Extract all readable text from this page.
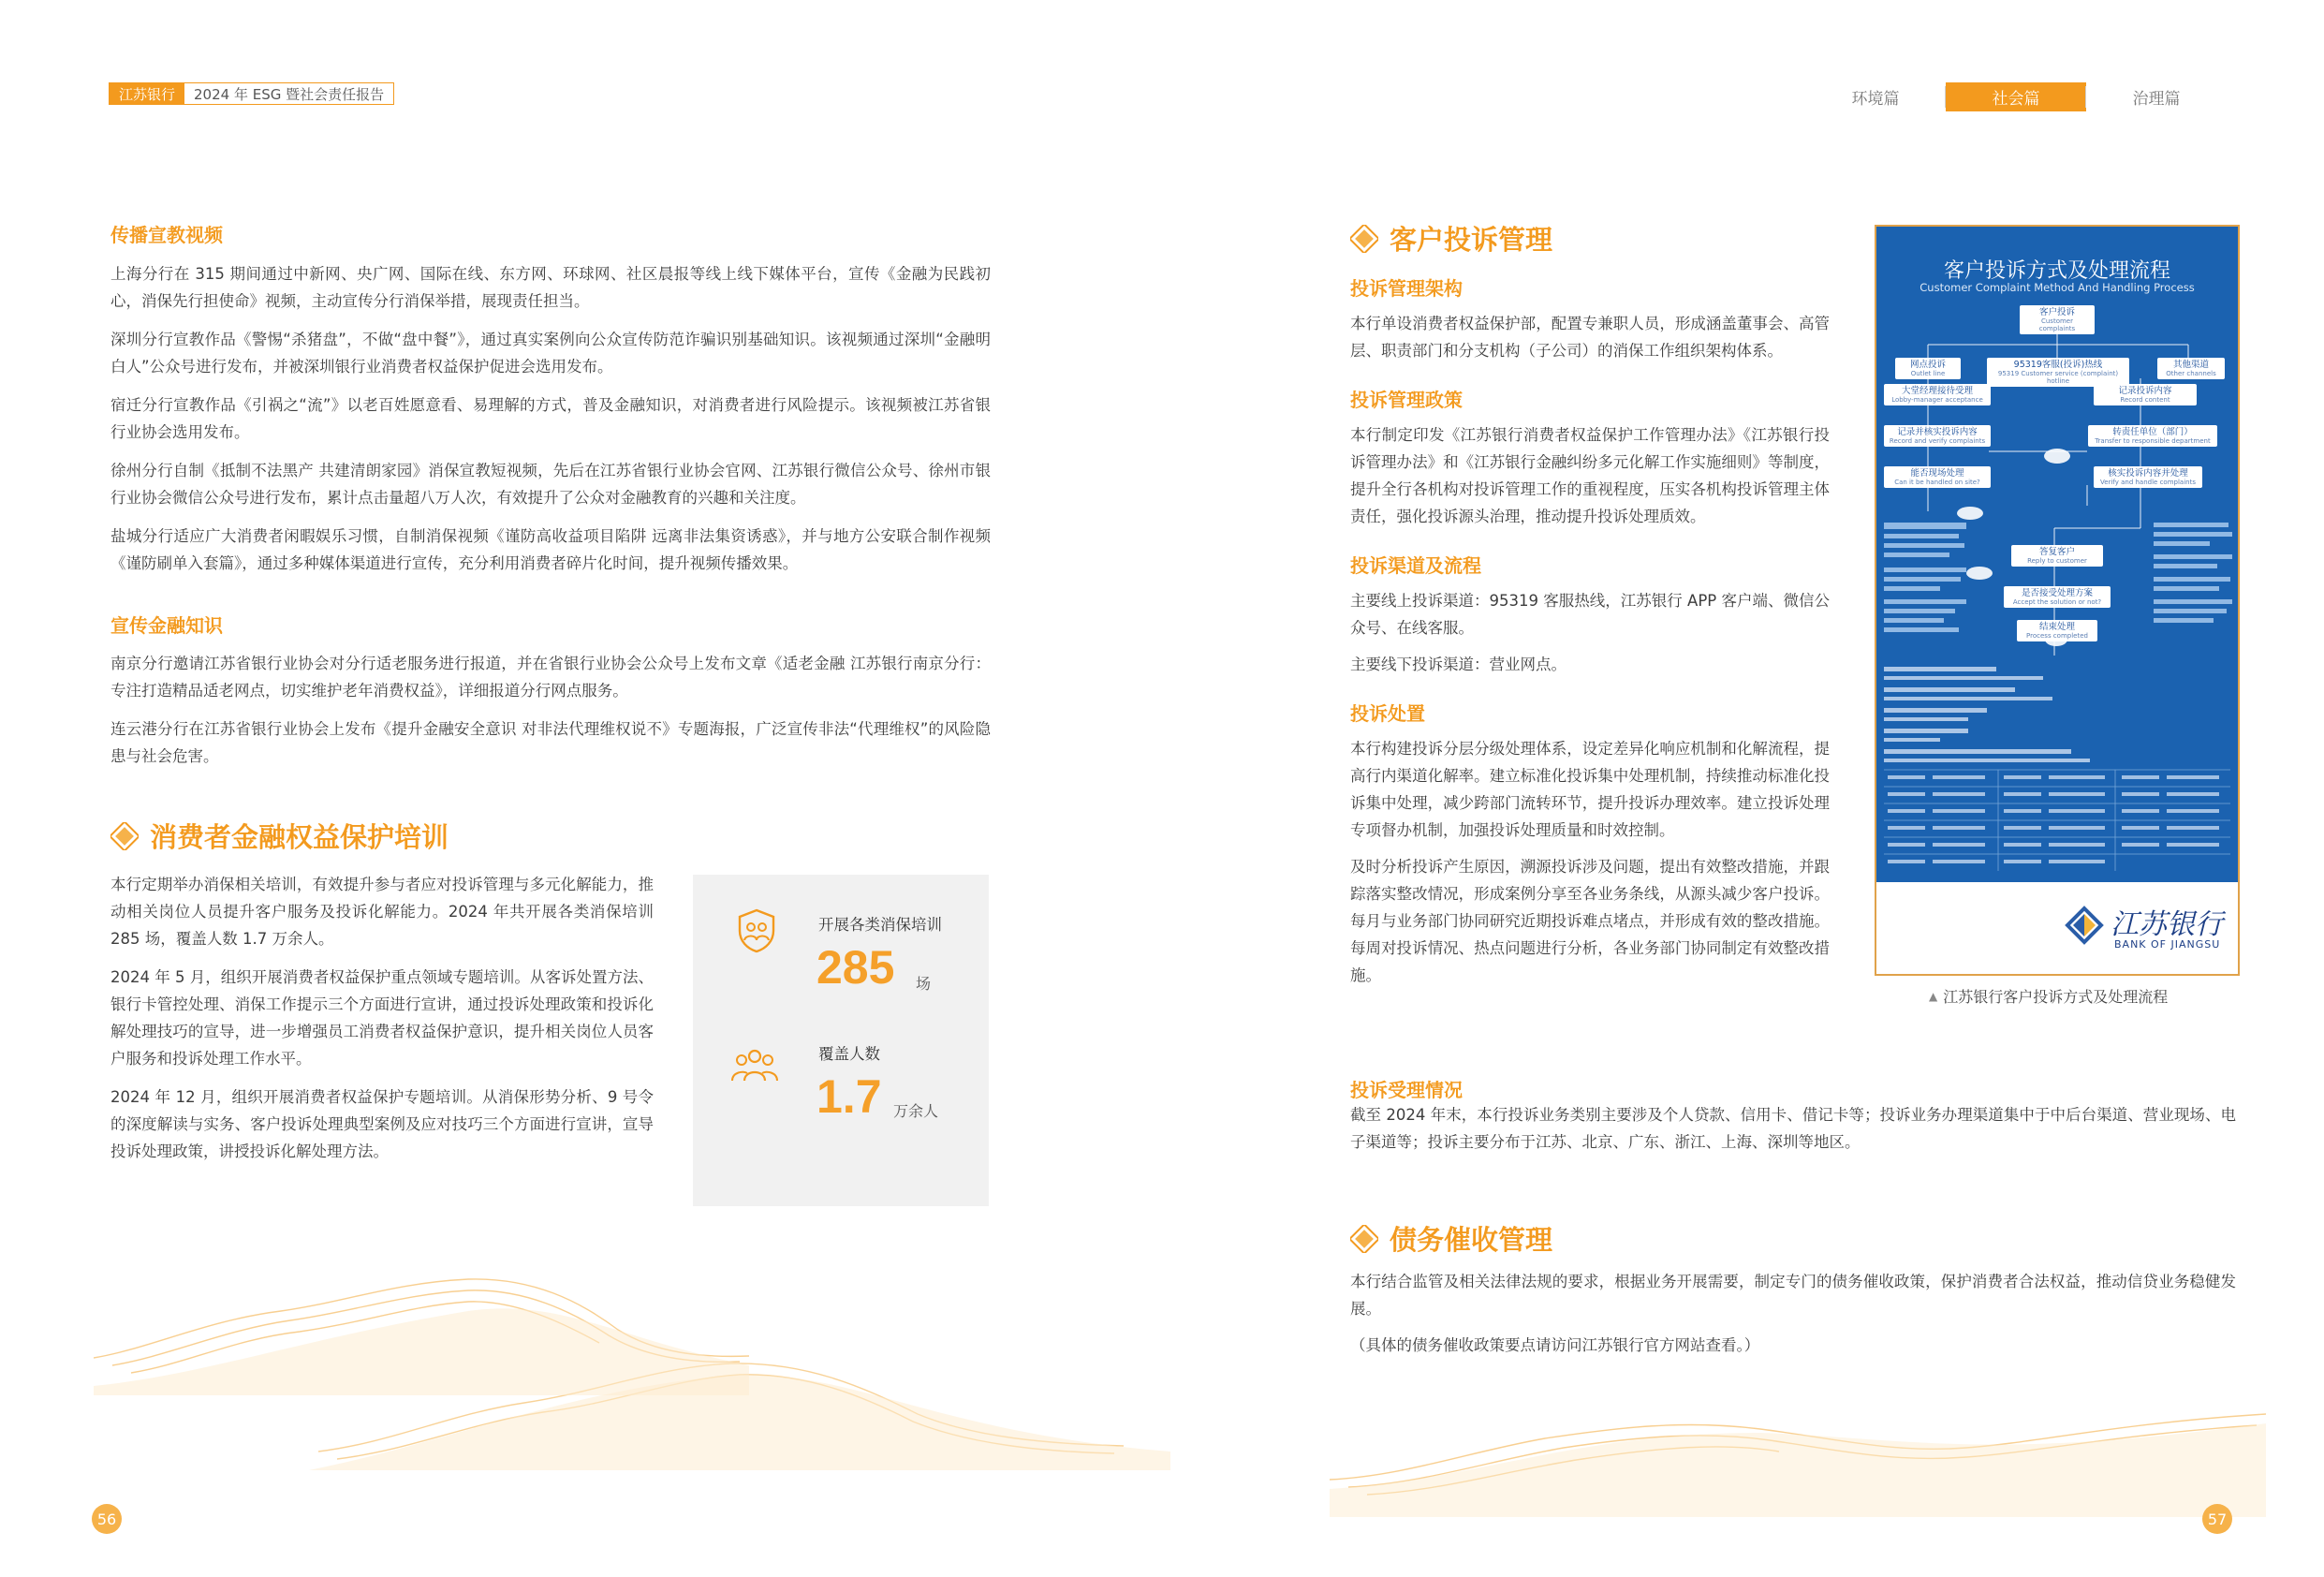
江苏银行	2024 年 ESG 暨社会责任报告	环境篇	社会篇	治理篇
传播宣教视频

上海分行在 315 期间通过中新网、央广网、国际在线、东方网、环球网、社区晨报等线上线下媒体平台，宣传《金融为民践初心，消保先行担使命》视频，主动宣传分行消保举措，展现责任担当。

深圳分行宣教作品《警惕“杀猪盘”，不做“盘中餐”》，通过真实案例向公众宣传防范诈骗识别基础知识。该视频通过深圳“金融明白人”公众号进行发布，并被深圳银行业消费者权益保护促进会选用发布。

宿迁分行宣教作品《引祸之“流”》以老百姓愿意看、易理解的方式，普及金融知识，对消费者进行风险提示。该视频被江苏省银行业协会选用发布。

徐州分行自制《抵制不法黑产 共建清朗家园》消保宣教短视频，先后在江苏省银行业协会官网、江苏银行微信公众号、徐州市银行业协会微信公众号进行发布，累计点击量超八万人次，有效提升了公众对金融教育的兴趣和关注度。

盐城分行适应广大消费者闲暇娱乐习惯，自制消保视频《谨防高收益项目陷阱 远离非法集资诱惑》，并与地方公安联合制作视频《谨防刷单入套篇》，通过多种媒体渠道进行宣传，充分利用消费者碎片化时间，提升视频传播效果。

宣传金融知识

南京分行邀请江苏省银行业协会对分行适老服务进行报道，并在省银行业协会公众号上发布文章《适老金融 江苏银行南京分行：专注打造精品适老网点，切实维护老年消费权益》，详细报道分行网点服务。

连云港分行在江苏省银行业协会上发布《提升金融安全意识 对非法代理维权说不》专题海报，广泛宣传非法“代理维权”的风险隐患与社会危害。

消费者金融权益保护培训

本行定期举办消保相关培训，有效提升参与者应对投诉管理与多元化解能力，推动相关岗位人员提升客户服务及投诉化解能力。2024 年共开展各类消保培训 285 场，覆盖人数 1.7 万余人。

2024 年 5 月，组织开展消费者权益保护重点领域专题培训。从客诉处置方法、银行卡管控处理、消保工作提示三个方面进行宣讲，通过投诉处理政策和投诉化解处理技巧的宣导，进一步增强员工消费者权益保护意识，提升相关岗位人员客户服务和投诉处理工作水平。

2024 年 12 月，组织开展消费者权益保护专题培训。从消保形势分析、9 号令的深度解读与实务、客户投诉处理典型案例及应对技巧三个方面进行宣讲，宣导投诉处理政策，讲授投诉化解处理方法。

开展各类消保培训
285 场
覆盖人数
1.7 万余人
56
客户投诉管理
投诉管理架构

本行单设消费者权益保护部，配置专兼职人员，形成涵盖董事会、高管层、职责部门和分支机构（子公司）的消保工作组织架构体系。

投诉管理政策

本行制定印发《江苏银行消费者权益保护工作管理办法》《江苏银行投诉管理办法》和《江苏银行金融纠纷多元化解工作实施细则》等制度，提升全行各机构对投诉管理工作的重视程度，压实各机构投诉管理主体责任，强化投诉源头治理，推动提升投诉处理质效。

投诉渠道及流程

主要线上投诉渠道：95319 客服热线，江苏银行 APP 客户端、微信公众号、在线客服。

主要线下投诉渠道：营业网点。

投诉处置

本行构建投诉分层分级处理体系，设定差异化响应机制和化解流程，提高行内渠道化解率。建立标准化投诉集中处理机制，持续推动标准化投诉集中处理，减少跨部门流转环节，提升投诉办理效率。建立投诉处理专项督办机制，加强投诉处理质量和时效控制。

及时分析投诉产生原因，溯源投诉涉及问题，提出有效整改措施，并跟踪落实整改情况，形成案例分享至各业务条线，从源头减少客户投诉。每月与业务部门协同研究近期投诉难点堵点，并形成有效的整改措施。每周对投诉情况、热点问题进行分析，各业务部门协同制定有效整改措施。

投诉受理情况

截至 2024 年末，本行投诉业务类别主要涉及个人贷款、信用卡、借记卡等；投诉业务办理渠道集中于中后台渠道、营业现场、电子渠道等；投诉主要分布于江苏、北京、广东、浙江、上海、深圳等地区。

债务催收管理

本行结合监管及相关法律法规的要求，根据业务开展需要，制定专门的债务催收政策，保护消费者合法权益，推动信贷业务稳健发展。

（具体的债务催收政策要点请访问江苏银行官方网站查看。）

客户投诉方式及处理流程
Customer Complaint Method And Handling Process
客户投诉
Customer complaints
网点投诉
Outlet line
95319客服(投诉)热线
95319 Customer service (complaint) hotline
其他渠道
Other channels
大堂经理接待受理
Lobby-manager acceptance
记录投诉内容
Record content
记录并核实投诉内容
Record and verify complaints
转责任单位（部门）
Transfer to responsible department
能否现场处理
Can it be handled on site?
核实投诉内容并处理
Verify and handle complaints
答复客户
Reply to customer
是否接受处理方案
Accept the solution or not?
结束处理
Process completed
江苏银行
BANK OF JIANGSU
▲ 江苏银行客户投诉方式及处理流程
57
